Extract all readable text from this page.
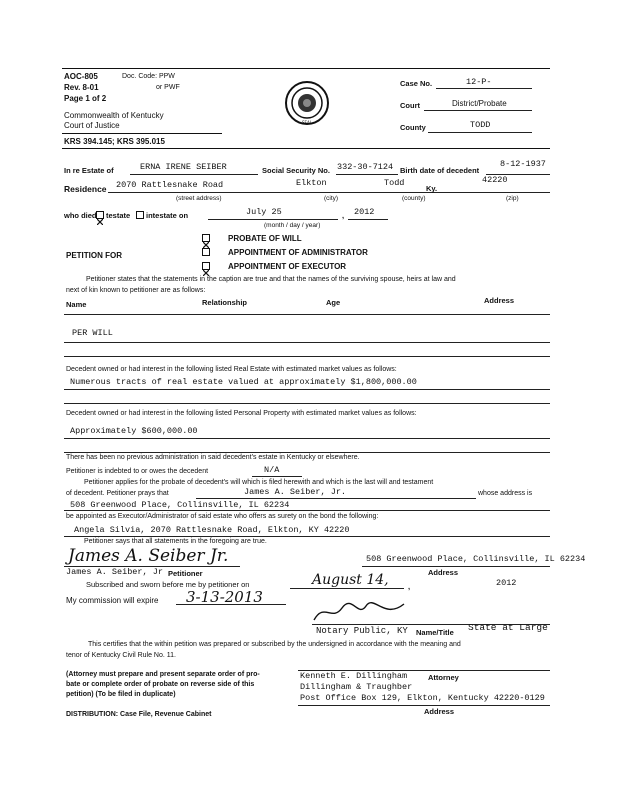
AOC-805
Rev. 8-01
Page 1 of 2
Commonwealth of Kentucky
Court of Justice
Doc. Code: PPW
or PWF
KRS 394.145; KRS 395.015
SEAL
Case No.	12-P-
Court	District/Probate
County	TODD
In re Estate of	ERNA IRENE SEIBER	Social Security No. 332-30-7124 Birth date of decedent
8-12-1937
Residence 2070 Rattlesnake Road	Elkton	Todd
Ky.
42220
(street address)	(city)	(county)	(zip)
who died testate intestate on	July 25	, 2012
(month / day / year)
PETITION FOR
PROBATE OF WILL
APPOINTMENT OF ADMINISTRATOR
APPOINTMENT OF EXECUTOR
Petitioner states that the statements in the caption are true and that the names of the surviving spouse, heirs at law and
next of kin known to petitioner are as follows:
Name	Relationship	Age	Address
PER WILL
Decedent owned or had interest in the following listed Real Estate with estimated market values as follows:
Numerous tracts of real estate valued at approximately $1,800,000.00
Decedent owned or had interest in the following listed Personal Property with estimated market values as follows:
Approximately $600,000.00
There has been no previous administration in said decedent's estate in Kentucky or elsewhere.
Petitioner is indebted to or owes the decedent	N/A
Petitioner applies for the probate of decedent's will which is filed herewith and which is the last will and testament
of decedent. Petitioner prays that	James A. Seiber, Jr.	whose address is
508 Greenwood Place, Collinsville, IL 62234
be appointed as Executor/Administrator of said estate who offers as surety on the bond the following:
Angela Silvia, 2070 Rattlesnake Road, Elkton, KY 42220
Petitioner says that all statements in the foregoing are true.
James A. Seiber Jr.
James A. Seiber, Jr Petitioner
508 Greenwood Place, Collinsville, IL 62234
Address
Subscribed and sworn before me by petitioner on	August 14,	,	2012
My commission will expire 3-13-2013
Notary Public, KY Name/Title State at Large
This certifies that the within petition was prepared or subscribed by the undersigned in accordance with the meaning and
tenor of Kentucky Civil Rule No. 11.
(Attorney must prepare and present separate order of pro-
bate or complete order of probate on reverse side of this
petition) (To be filed in duplicate)
DISTRIBUTION: Case File, Revenue Cabinet
Kenneth E. Dillingham	Attorney
Dillingham & Traughber
Post Office Box 129, Elkton, Kentucky 42220-0129
Address
